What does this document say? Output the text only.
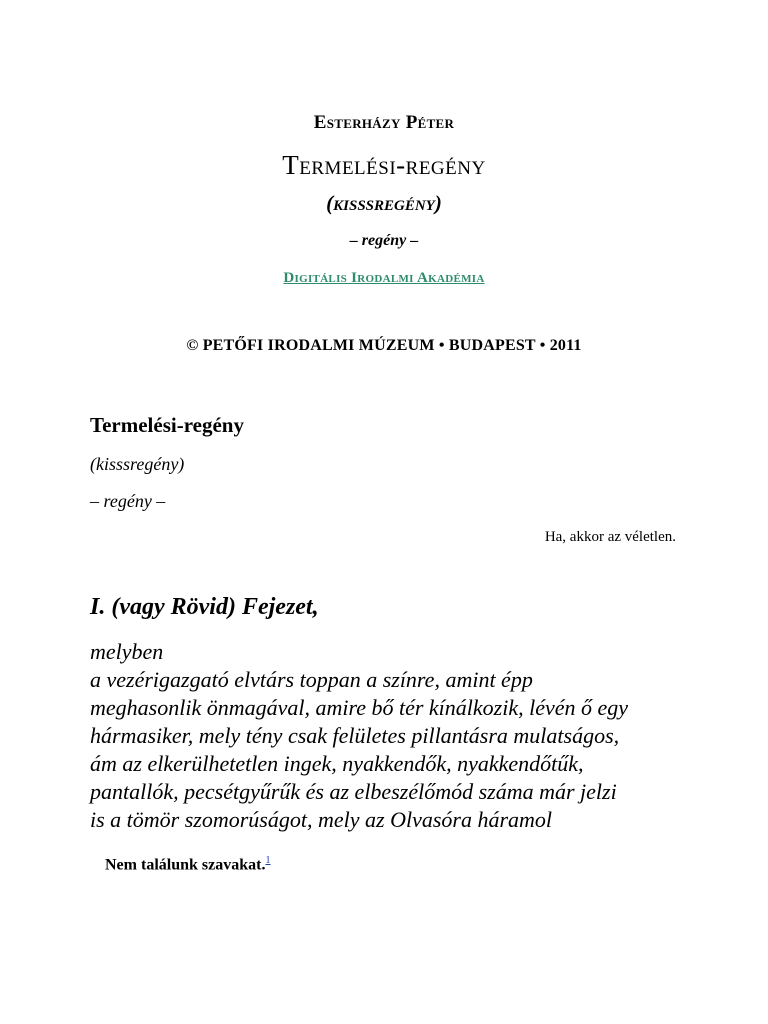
Esterházy Péter
Termelési-regény
(kisssregény)
– regény –
Digitális Irodalmi Akadémia
© PETŐFI IRODALMI MÚZEUM • BUDAPEST • 2011
Termelési-regény
(kisssregény)
– regény –
Ha, akkor az véletlen.
I. (vagy Rövid) Fejezet,
melyben
a vezérigazgató elvtárs toppan a színre, amint épp
meghasonlik önmagával, amire bő tér kínálkozik, lévén ő egy
hármasiker, mely tény csak felületes pillantásra mulatságos,
ám az elkerülhetetlen ingek, nyakkendők, nyakkendőtűk,
pantallók, pecsétgyűrűk és az elbeszélőmód száma már jelzi
is a tömör szomorúságot, mely az Olvasóra háramol
Nem találunk szavakat.$^1$
